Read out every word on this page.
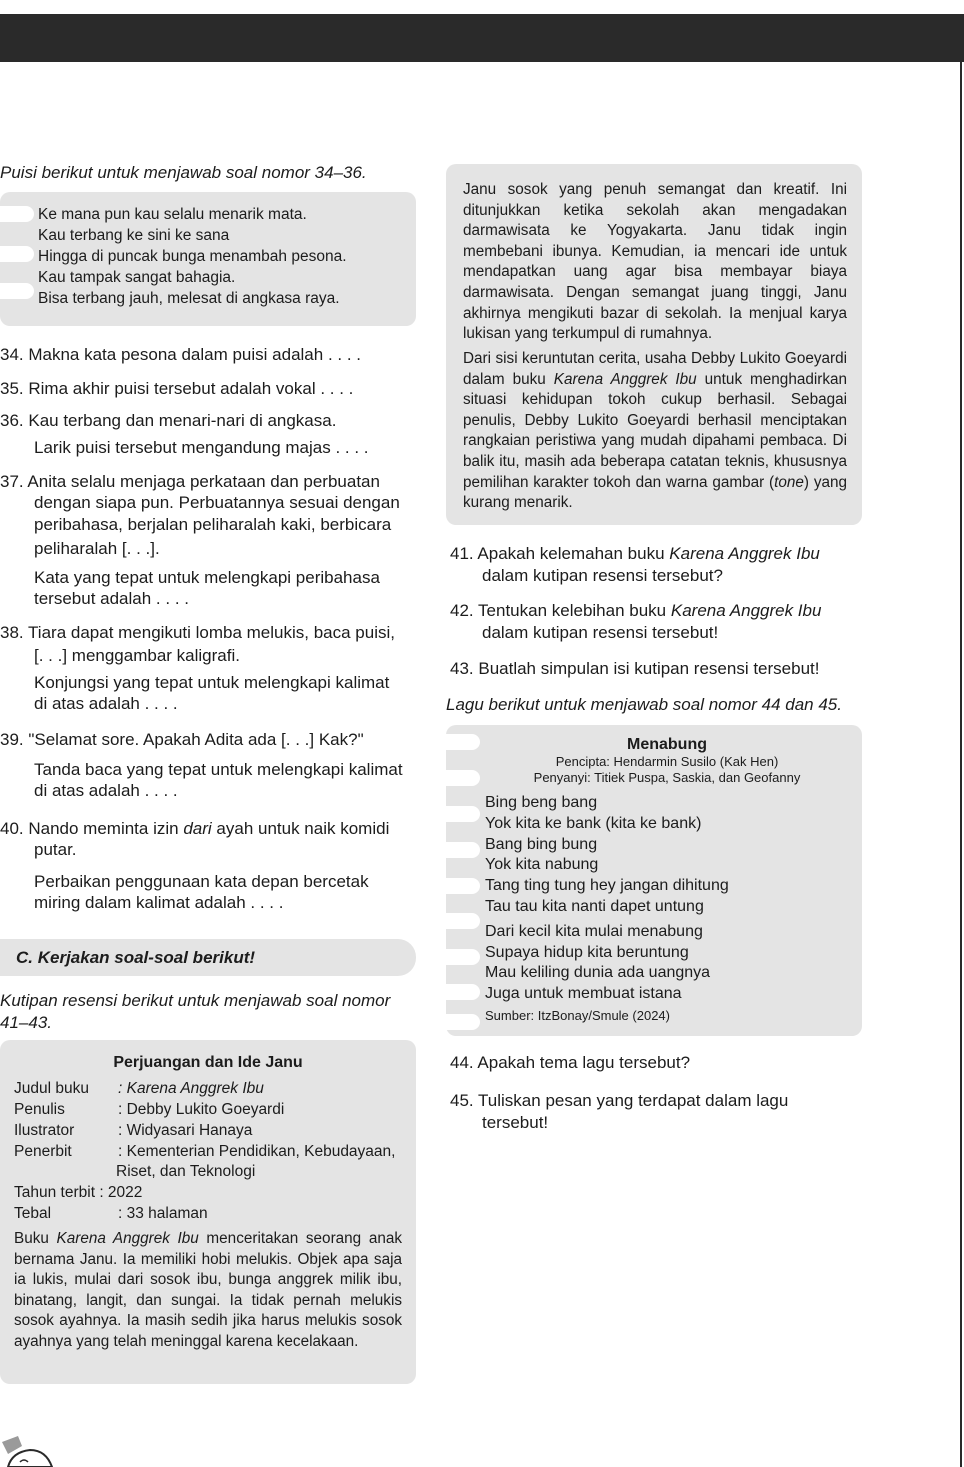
Puisi berikut untuk menjawab soal nomor 34–36.
Ke mana pun kau selalu menarik mata.
Kau terbang ke sini ke sana
Hingga di puncak bunga menambah pesona.
Kau tampak sangat bahagia.
Bisa terbang jauh, melesat di angkasa raya.
34. Makna kata pesona dalam puisi adalah . . . .
35. Rima akhir puisi tersebut adalah vokal . . . .
36. Kau terbang dan menari-nari di angkasa.
Larik puisi tersebut mengandung majas . . . .
37. Anita selalu menjaga perkataan dan perbuatan
dengan siapa pun. Perbuatannya sesuai dengan
peribahasa, berjalan peliharalah kaki, berbicara
peliharalah [. . .].
Kata yang tepat untuk melengkapi peribahasa
tersebut adalah . . . .
38. Tiara dapat mengikuti lomba melukis, baca puisi,
[. . .] menggambar kaligrafi.
Konjungsi yang tepat untuk melengkapi kalimat
di atas adalah . . . .
39. "Selamat sore. Apakah Adita ada [. . .] Kak?"
Tanda baca yang tepat untuk melengkapi kalimat
di atas adalah . . . .
40. Nando meminta izin dari ayah untuk naik komidi
putar.
Perbaikan penggunaan kata depan bercetak
miring dalam kalimat adalah . . . .
C. Kerjakan soal-soal berikut!
Kutipan resensi berikut untuk menjawab soal nomor
41–43.
Perjuangan dan Ide Janu
Judul buku : Karena Anggrek Ibu
Penulis	: Debby Lukito Goeyardi
Ilustrator	: Widyasari Hanaya
Penerbit	: Kementerian Pendidikan, Kebudayaan,
Riset, dan Teknologi
Tahun terbit : 2022
Tebal	: 33 halaman

Buku Karena Anggrek Ibu menceritakan seorang anak bernama Janu. Ia memiliki hobi melukis. Objek apa saja ia lukis, mulai dari sosok ibu, bunga anggrek milik ibu, binatang, langit, dan sungai. Ia tidak pernah melukis sosok ayahnya. Ia masih sedih jika harus melukis sosok ayahnya yang telah meninggal karena kecelakaan.

Janu sosok yang penuh semangat dan kreatif. Ini ditunjukkan ketika sekolah akan mengadakan darmawisata ke Yogyakarta. Janu tidak ingin membebani ibunya. Kemudian, ia mencari ide untuk mendapatkan uang agar bisa membayar biaya darmawisata. Dengan semangat juang tinggi, Janu akhirnya mengikuti bazar di sekolah. Ia menjual karya lukisan yang terkumpul di rumahnya.

Dari sisi keruntutan cerita, usaha Debby Lukito Goeyardi dalam buku Karena Anggrek Ibu untuk menghadirkan situasi kehidupan tokoh cukup berhasil. Sebagai penulis, Debby Lukito Goeyardi berhasil menciptakan rangkaian peristiwa yang mudah dipahami pembaca. Di balik itu, masih ada beberapa catatan teknis, khususnya pemilihan karakter tokoh dan warna gambar (tone) yang kurang menarik.

41. Apakah kelemahan buku Karena Anggrek Ibu
dalam kutipan resensi tersebut?
42. Tentukan kelebihan buku Karena Anggrek Ibu
dalam kutipan resensi tersebut!
43. Buatlah simpulan isi kutipan resensi tersebut!
Lagu berikut untuk menjawab soal nomor 44 dan 45.
Menabung
Pencipta: Hendarmin Susilo (Kak Hen)
Penyanyi: Titiek Puspa, Saskia, dan Geofanny
Bing beng bang
Yok kita ke bank (kita ke bank)
Bang bing bung
Yok kita nabung
Tang ting tung hey jangan dihitung
Tau tau kita nanti dapet untung
Dari kecil kita mulai menabung
Supaya hidup kita beruntung
Mau keliling dunia ada uangnya
Juga untuk membuat istana
Sumber: ItzBonay/Smule (2024)
44. Apakah tema lagu tersebut?
45. Tuliskan pesan yang terdapat dalam lagu
tersebut!
